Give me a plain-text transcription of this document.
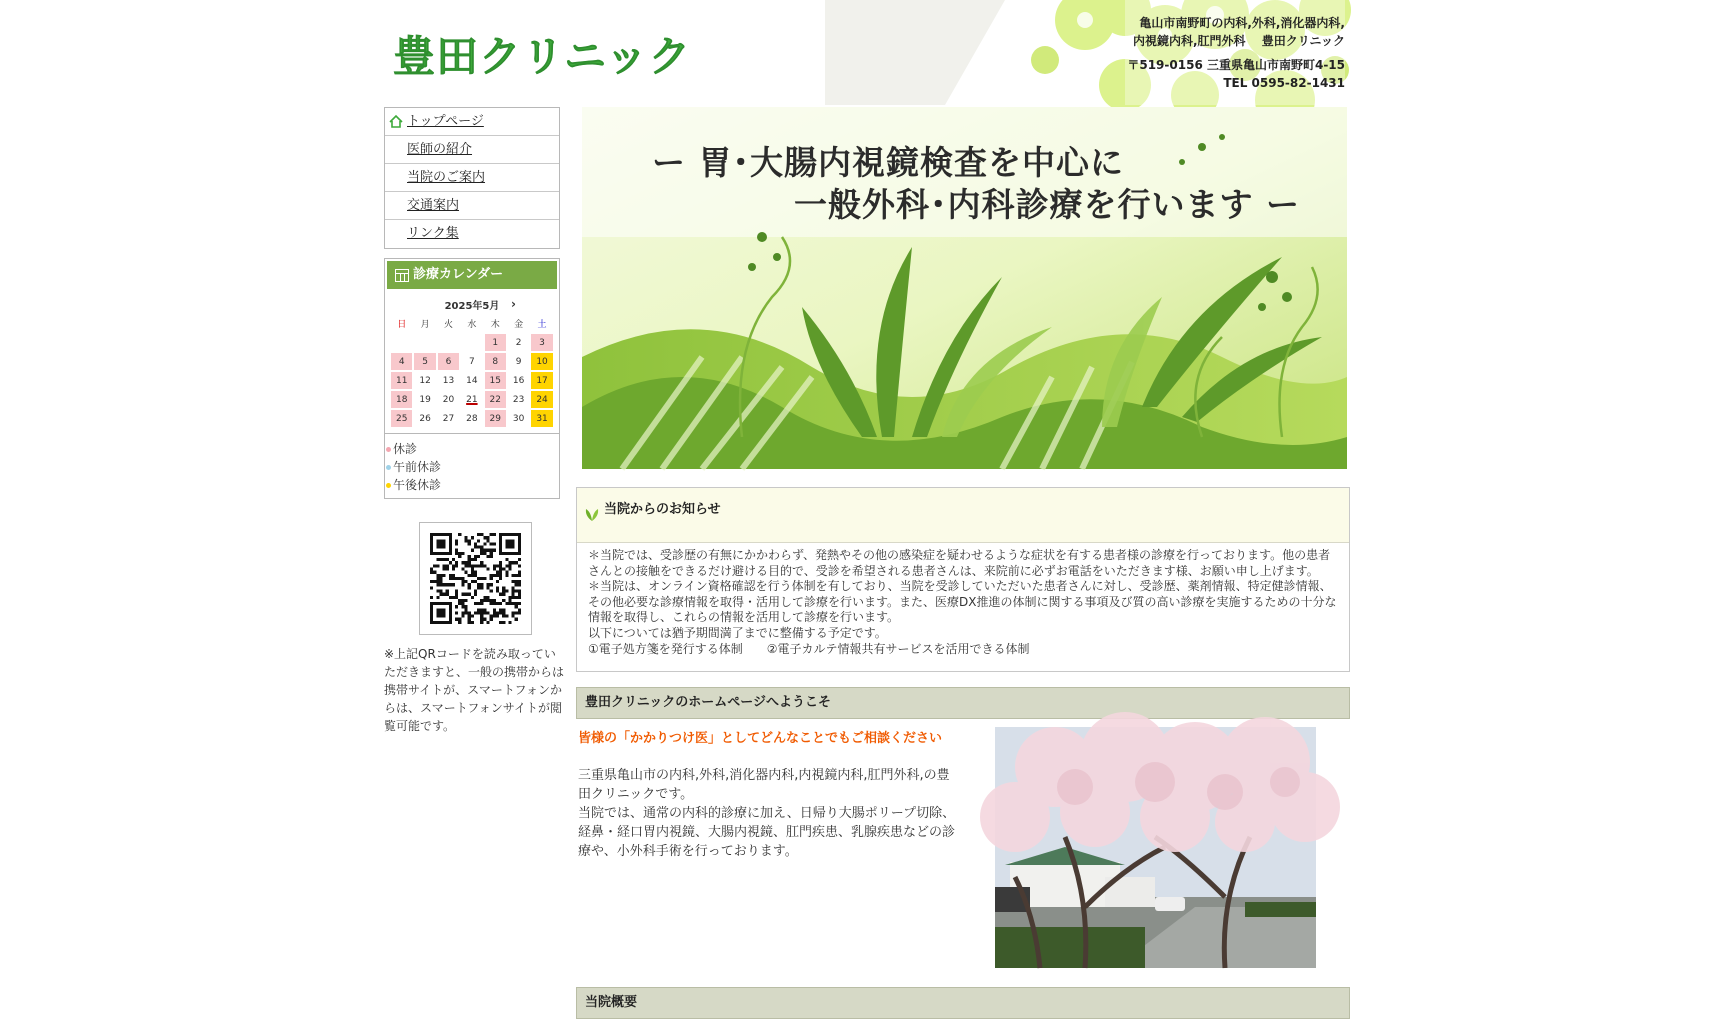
豊田クリニック
亀山市南野町の内科,外科,消化器内科,
内視鏡内科,肛門外科　 豊田クリニック
〒519-0156 三重県亀山市南野町4-15
TEL 0595-82-1431
トップページ
医師の紹介
当院のご案内
交通案内
リンク集
診療カレンダー
2025年5月 ›
日	月	火	水	木	金	土
				1	2	3
4	5	6	7	8	9	10
11	12	13	14	15	16	17
18	19	20	21	22	23	24
25	26	27	28	29	30	31
休診
午前休診
午後休診
※上記QRコードを読み取っていただきますと、一般の携帯からは携帯サイトが、スマートフォンからは、スマートフォンサイトが閲覧可能です。
ー 胃･大腸内視鏡検査を中心に
一般外科･内科診療を行います ー
当院からのお知らせ
＊当院では、受診歴の有無にかかわらず、発熱やその他の感染症を疑わせるような症状を有する患者様の診療を行っております。他の患者さんとの接触をできるだけ避ける目的で、受診を希望される患者さんは、来院前に必ずお電話をいただきます様、お願い申し上げます。
＊当院は、オンライン資格確認を行う体制を有しており、当院を受診していただいた患者さんに対し、受診歴、薬剤情報、特定健診情報、その他必要な診療情報を取得・活用して診療を行います。また、医療DX推進の体制に関する事項及び質の高い診療を実施するための十分な情報を取得し、これらの情報を活用して診療を行います。
以下については猶予期間満了までに整備する予定です。
①電子処方箋を発行する体制　　②電子カルテ情報共有サービスを活用できる体制
豊田クリニックのホームページへようこそ
皆様の「かかりつけ医」としてどんなことでもご相談ください
三重県亀山市の内科,外科,消化器内科,内視鏡内科,肛門外科,の豊田クリニックです。
当院では、通常の内科的診療に加え、日帰り大腸ポリープ切除、経鼻・経口胃内視鏡、大腸内視鏡、肛門疾患、乳腺疾患などの診療や、小外科手術を行っております。
当院概要
